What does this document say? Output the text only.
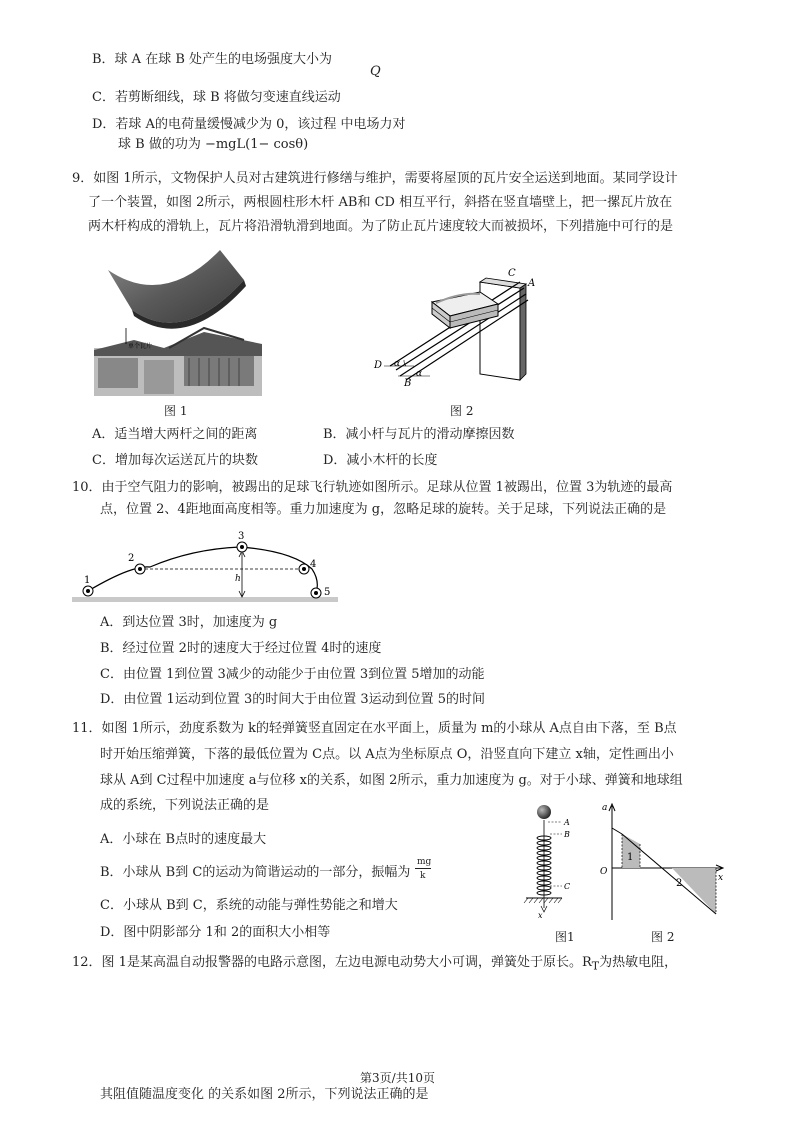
B．球 A 在球 B 处产生的电场强度大小为
Q
C．若剪断细线，球 B 将做匀变速直线运动
D．若球 A的电荷量缓慢减少为 0，该过程 中电场力对
球 B 做的功为 −mgL(1− cosθ)
9．如图 1所示，文物保护人员对古建筑进行修缮与维护，需要将屋顶的瓦片安全运送到地面。某同学设计
了一个装置，如图 2所示，两根圆柱形木杆 AB和 CD 相互平行，斜搭在竖直墙壁上，把一摞瓦片放在
两木杆构成的滑轨上，瓦片将沿滑轨滑到地面。为了防止瓦片速度较大而被损坏，下列措施中可行的是
单个瓦片
图 1
C
A
D
B
α
α
图 2
A．适当增大两杆之间的距离	B．减小杆与瓦片的滑动摩擦因数
C．增加每次运送瓦片的块数	D．减小木杆的长度
10．由于空气阻力的影响，被踢出的足球飞行轨迹如图所示。足球从位置 1被踢出，位置 3为轨迹的最高
点，位置 2、4距地面高度相等。重力加速度为 g，忽略足球的旋转。关于足球，下列说法正确的是
1
2
3
4
5
h
A．到达位置 3时，加速度为 g
B．经过位置 2时的速度大于经过位置 4时的速度
C．由位置 1到位置 3减少的动能少于由位置 3到位置 5增加的动能
D．由位置 1运动到位置 3的时间大于由位置 3运动到位置 5的时间
11．如图 1所示，劲度系数为 k的轻弹簧竖直固定在水平面上，质量为 m的小球从 A点自由下落，至 B点
时开始压缩弹簧，下落的最低位置为 C点。以 A点为坐标原点 O，沿竖直向下建立 x轴，定性画出小
球从 A到 C过程中加速度 a与位移 x的关系，如图 2所示，重力加速度为 g。对于小球、弹簧和地球组
成的系统，下列说法正确的是
A．小球在 B点时的速度最大
B．小球从 B到 C的运动为简谐运动的一部分，振幅为
mg
k
C．小球从 B到 C，系统的动能与弹性势能之和增大
D．图中阴影部分 1和 2的面积大小相等
A
B
C
x
图1
a
O
x
1
2
图 2
12．图 1是某高温自动报警器的电路示意图，左边电源电动势大小可调，弹簧处于原长。$R_T$为热敏电阻，
第3页/共10页
其阻值随温度变化 的关系如图 2所示，下列说法正确的是
